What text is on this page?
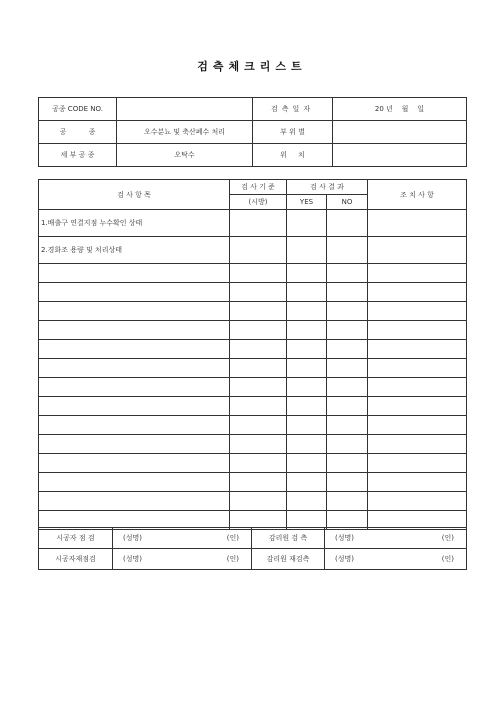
검측체크리스트
공종 CODE NO.		검측일자	20 년    월    일
공          종	오수분뇨 및 축산폐수 처리	부 위 별	
세 부 공 종	오탁수	위     치	
검 사 항 목	검 사 기 준	검 사 결 과		조 치 사 항
	(시방)	YES	NO	
1.배출구 연결지점 누수확인 상태				
2.경화조 용량 및 처리상태				

시공자 점 검	(성명) (인)	감리원 검 측	(성명) (인)

시공자재점검	(성명) (인)	감리원 재검측	(성명) (인)
